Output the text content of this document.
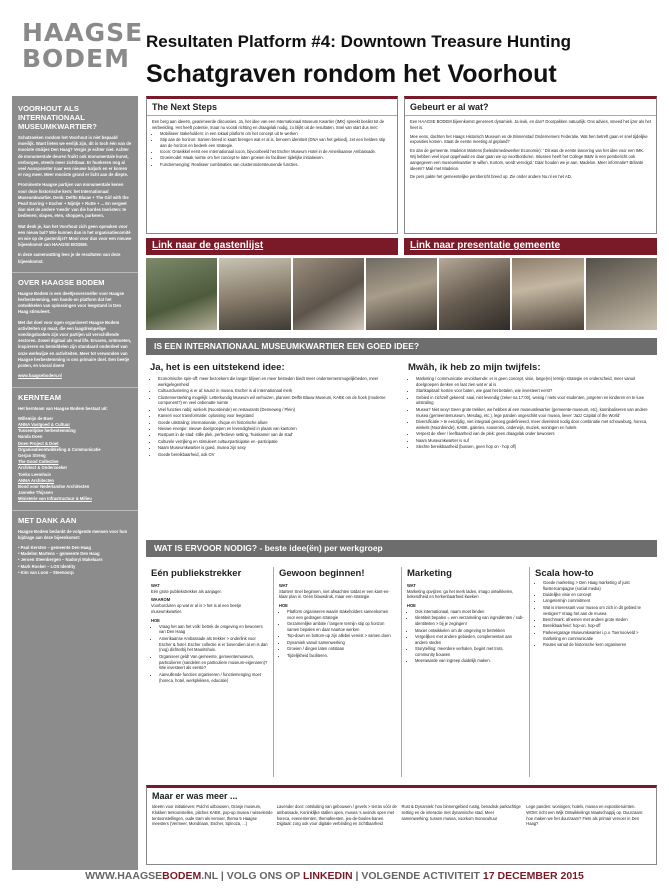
HAAGSE
BODEM
Resultaten Platform #4: Downtown Treasure Hunting
Schatgraven rondom het Voorhout
VOORHOUT ALS INTERNATIONAAL MUSEUMKWARTIER?

Schatzoeken rondom het Voorhout is niet bepaald moeilijk. Want lieten we eerlijk zijn, dit is toch één van de mooiste stukjes Den Haag? Vergis je echter niet. Achter de monumentale deuren fruikt ook monumentale kunst, verborgen, steeds meer zichtbaar. Er hunkeren nog al veel Aanspooster naar een nieuwe baljurk en er komen er nog meer. Meer mooiste grond er licht aan de diepte.

Prominente Haagse partijen van monumentale kenen voor deze historische kern: het Internationaal Museumkwartier. Denk: Delfts Blauw + The Girl with the Pearl Earring + Escher + Nijntje + Rutte + ... En vergeet dan niet de andere 'needs' van die hordes toeristen: te bedienen; slapen, eten, shoppen, parkeren.

Wat denk je, kan het Voorhout zich geen opmaken voor een nieuw bal? Wie kunnen dan in het organisatiecomité en wie op de gastenlijst? Mooi voor dus voor een nieuwe bijeenkomst van HAAGSE BODEM.

In deze samenvatting lees je de resultaten van deze bijeenkomst.

OVER HAAGSE BODEM

Haagse Bodem is een deeltjesversneller voor Haagse herbestemming, een hands-on platform dat het ontwikkelen van oplossingen voor leegstand in Den Haag stimuleert.

Met dat doel voor ogen organiseert Haagse Bodem activiteiten op maat, die een laagdrempelige voedingsbodem zijn voor partijen uit verschillende sectoren. Zowel digitaal als real life. Ervaren, ontmoeten, inspireren en bemiddelen zijn standaard onderdeel van onze werkwijze en activiteiten. Meer tot verwonden van Haagse herbestemming is ons primaire doel. Een beetje praten, en vooral doen!

www.haagsebodem.nl

KERNTEAM

Het kernteam van Haagse Bodem bestaat uit:

Willemijn de Boer
ANNA Vastgoed & Cultuur
Tussentijdse herbestemming
Nanda Doen
Doen Project & Doet
Organisatieontwikkeling & Communicatie
Gerjan Streng
The Good Collective
Architect & Onderzoeker
Tonko Leemhuis
ANNA Architecten
Bond voor Nederlandse Architecten
Janneke Thijssen
Ministerie van Infrastructuur & Milieu
MET DANK AAN

Haagse Bodem bedankt de volgende mensen voor hun bijdrage aan deze bijeenkomst:

• Paul Kersten – gemeente Den Haag
• Madelon Martens – gemeente Den Haag
• Jeroen Steenbergen – Nadoryi Makelaars
• Mark Rooker – LOS Identity
• Kim van Loon – Steenoorp
The Next Steps

Een berg aan ideeën, geanimeerde discussies. Ja, het idee van een Internationaal Museum Kwartier (IMK) spreekt beslist tot de verbeelding. Het heeft potentie, maar nu vooral richting en draagvlak nodig, zo blijkt uit de resultaten. Snel van start dus met:

• Mobiliseer stakeholders: in een lokaal platform om het concept uit te werken
• Stip aan de horizon: Samen breed in kaart brengen wat er al is, benoem identiteit (DNA van het gebied), zet een heldere stip aan de horizon en bedenk een strategie.
• Icoon: Ontwikkel eerst een internationaal icoon, bijvoorbeeld het Escher Museum Hotel in de Amerikaanse Ambassade.
• Groeimodel: Maak ruimte om het concept te laten groeien én faciliteer tijdelijke initiatieven.
• Functiemenging: Realiseer combinaties van clusterondersteunende functies.
Gebeurt er al wat?

Een HAAGSE BODEM bijeenkomst genereert dynamiek. Ja leuk, en dan? Doorpakken natuurlijk. Ons advies, smeed het ijzer als het heet is.

Mee eens, dachten het Haags Historisch Museum en de Binnenstad Ondernemers Federatie. Wat hen betreft gaan er snel tijdelijke exposities komen. Staat de eerste meeting al gepland?

En dan de gemeente. Madelon Martens (beleidsmedewerker Economie): ' Dit was de eerste lancering van het idee voor een IMK. Wij hebben veel input opgehaald en daar gaan we op voortborduren. Intussen heeft het College B&W in een persbericht ook aangegeven een museumkwartier te willen. Kortom, wordt vervolgd.' Daar houden we je aan, Madelon. Meer informatie? Brilante ideeën? Mail met Madelon.

De pers pakte het gemeentelijke persbericht breed op. Zie onder andere Nu.nl en het AD.

Link naar de gastenlijst	Link naar presentatie gemeente
IS EEN INTERNATIONAAL MUSEUMKWARTIER EEN GOED IDEE?
Ja, het is een uitstekend idee:
• Economische spin-off: meer bezoekers die langer blijven en meer besteden biedt meer ondernemersmogelijkheden, meer werkgelegenheid
• Cultuurclustering is er al: kaunz in musea, Escher is al internationaal merk
• Clusterversterking mogelijk: Letterkundig Museum wil verhuizen, plannen Delfts Blauw Museum, KABK om de hoek (moderne component?) en veel onbenutte ruimte
• Veel functies nabij: winkels (Noordeinde) en restaurants (Denneweg / Plein)
• Kansen voor transformatie: oplossing voor leegstand
• Goede uitstraling: internationale, chique en historische allure
• Nieuwe energie: nieuwe doelgroepen en levendigheid in plaats van kantoren
• Rustpunt in de stad: stille plek, perfectieve setting, 'huiskamer van de stad'
• Culturele verrijking en stimuleert cultuurparticipatie en -participatie
• Naam Museumkwartier is goed, musea zijn sexy
• Goede bereikbaarheid, ook OV
Mwâh, ik heb zo mijn twijfels:
• Marketing / communicatie onvoldoende: er is geen concept, visie, lange(re) termijn strategie en onderscheid, meer vanuit doelgroepen denken en laat zien wat er al is
• Startkapitaal: kosten voor baten, wie gaat het betalen, wie investeert eerst?
• Gebied in zichzelf gekeerd: saai, niet levendig (zeker na 17:00), weinig / niets voor studenten, jongeren en kinderen en te luxe uitstraling
• Musea? Niet sexy! Geen grote trekker, we hebben al een museumkwartier (gemeente-museum, etc), kannibaliseren van andere musea (gemeentemuseum, Mesdag, etc.), lege panden ongeschikt voor musea, liever 'Jazz Capital of the World'
• Diversificatie > te eenzijdig, niet integraal genoeg gedefinieerd, meer diversiteit nodig door combinatie met schouwburg, horeca, winkels (Noordeinde), KABK, galeries, souvenirs, onderwijs, muziek, woningen en hotels
• Verpest de sfeer / leefbaarheid van de plek: geen draagvlak onder bewoners
• Naam Museumkwartier is suf
• Slechte bereikbaarheid (bussen, geen hop on - hop off)
WAT IS ERVOOR NODIG? - beste idee(ën) per werkgroep
Eén publiekstrekker
WAT
Eén grote publiekstrekker als aanjager.
WAAROM
Voorborduren op wat er al is > het is al een beetje museumkwartier.
HOE
• Vraag het aan het volk: betrek de omgeving en bewoners van Den Haag
• Amerikaanse Ambassade als trekker > onderlink voor Escher & hotel. Escher collectie is er bovendien al en is dan (nog) dichterbij het Mauritshuis.
• Organiseer geld! Van gemeente, gemeentemuseum, particulieren (sandelen en particuliere museum-eigenaren)? Wie investeert als eerste?
• Aanvullende functies organiseren / functiemenging moet (horeca, hotel, werkplekken, educatie)
Gewoon beginnen!
WAT
Starten! Snel beginnen, niet afwachten totdat er een kant-en-klaar plan is. Géén blauwdruk, maar een strategie.
HOE
• Platform organiseren waarin stakeholders samenkomen voor een gedragen strategie
• Gezamenlijke ambitie / langere termijn stip op horizon samen bepalen en daar naartoe werken
• Top-down en bottom-up zijn allebei vereist > samen doen
• Dynamiek vanuit samenwerking
• Groeien / dingen laten ontstaan
• Tijdelijkheid faciliteren.
Marketing
WAT
Marketing opvijzen: ga het merk laden, imago ontwikkelen, bekendheid en herkenbaarheid kweken
HOE
• Ook internationaal, naam moet binden
• Identiteit bepalen = een verzameling van ingrediënten / sub-identiteiten > bij je zegingen!
• Maxier ontwikkelen om de omgeving te betrekken
• Vergelijken met andere gebieden, complementair aan andere steden
• Storytelling: meerdere verhalen, begint met trots, community bouwen
• Meerwaarde van ingreep duidelijk maken.
Scala how-to
• Goede marketing > Den Haag marketing of juist fluistercampagne (social media)
• Duidelijke visie en concept
• Langetermijn commitment
• Wat is interessant voor musea om zich in dit gebied te vestigen? Vraag het aan de musea
• Benchmark: afnemen met andere grote steden
• Bereikbaarheid: hop-on, hop-off
• Parkeergarage Museumkwartier i.p.v. Toernooiveld > marketing en communicatie
• Routes vanuit de historische kern organiseren
Maar er was meer ...
Ideeën voor initiatieven: Pulchri uitbouwen, Oranje museum, Klokken tentoonstellen, pitches KABK, pop-up musea / wisselende tentoonstellingen, oude tram als vervoer, thema 5 Haagse meesters (Vermeer, Mondriaan, Escher, Spinoza, ...)
Lavender door: ontsluiting van gebouwen / gevels > terras vóór de ambassade, Koninklijke stallen open, musea 's avonds open met horeca, evenementen, themafeesten, jeu-de-boules-banen. Digitaal: zorg ook voor digitale verbinding en zichtbaarheid
Rust & Dynamiek: hou binnengebied rustig, benadruk parkachtige setting en de interactie met dynamische stad. Meer samenwerking: tussen musea, voorkom monocultuur
Lege panden: woningen, hotels, musea en expositieruimten. WOM: richt een Wijk Ontwikkelings Maatschappij op. Duurzaam: hoe maken we het duurzaam? Fiets als primair vervoer in Den Haag?
WWW.HAAGSEBODEM.NL | VOLG ONS OP LINKEDIN | VOLGENDE ACTIVITEIT 17 DECEMBER 2015
